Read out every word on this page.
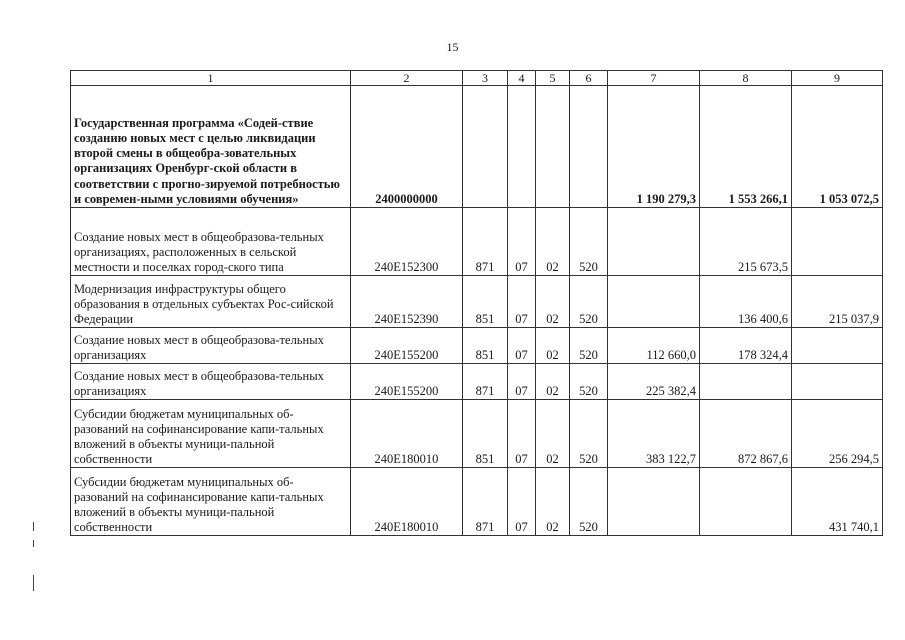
15
1	2	3	4	5	6	7	8	9
Государственная программа «Содей-ствие созданию новых мест с целью ликвидации второй смены в общеобра-зовательных организациях Оренбург-ской области в соответствии с прогно-зируемой потребностью и современ-ными условиями обучения»	2400000000					1 190 279,3	1 553 266,1	1 053 072,5
Создание новых мест в общеобразова-тельных организациях, расположенных в сельской местности и поселках город-ского типа	240E152300	871	07	02	520		215 673,5	
Модернизация инфраструктуры общего образования в отдельных субъектах Рос-сийской Федерации	240E152390	851	07	02	520		136 400,6	215 037,9
Создание новых мест в общеобразова-тельных организациях	240E155200	851	07	02	520	112 660,0	178 324,4	
Создание новых мест в общеобразова-тельных организациях	240E155200	871	07	02	520	225 382,4		
Субсидии бюджетам муниципальных об-разований на софинансирование капи-тальных вложений в объекты муници-пальной собственности	240E180010	851	07	02	520	383 122,7	872 867,6	256 294,5
Субсидии бюджетам муниципальных об-разований на софинансирование капи-тальных вложений в объекты муници-пальной собственности	240E180010	871	07	02	520			431 740,1
